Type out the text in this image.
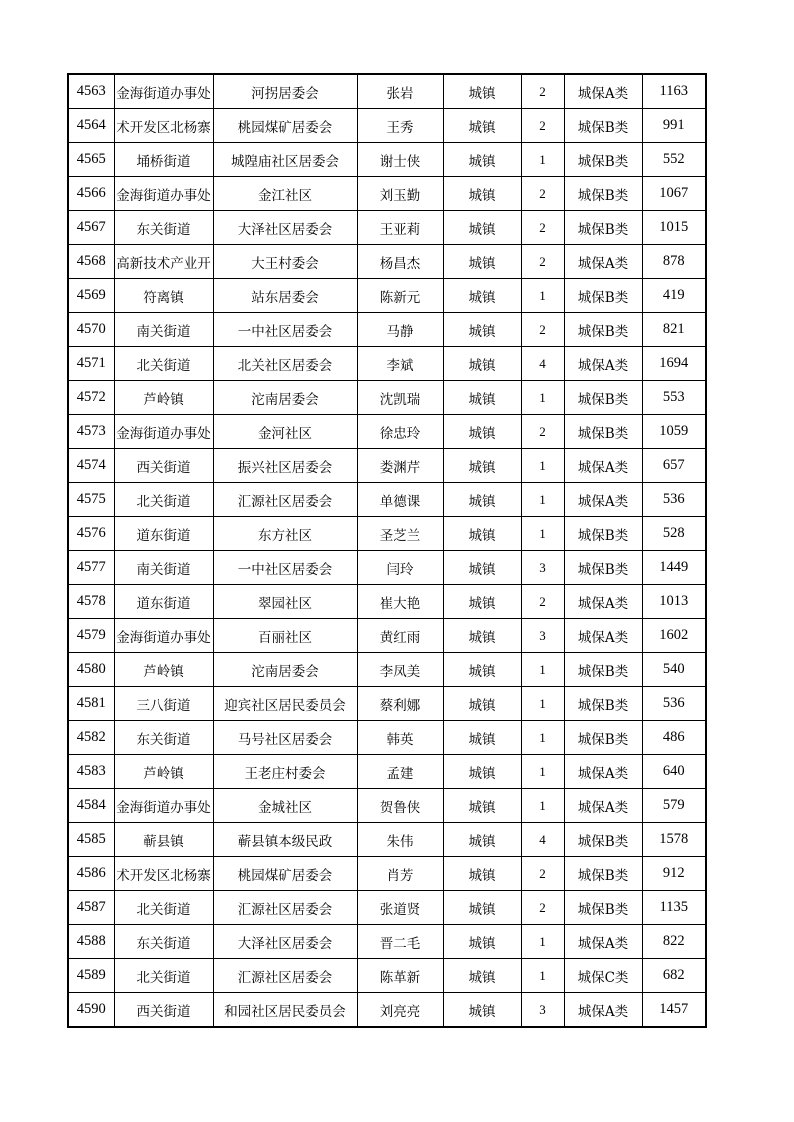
4563	金海街道办事处	河拐居委会	张岩	城镇	2	城保A类	1163
4564	术开发区北杨寨	桃园煤矿居委会	王秀	城镇	2	城保B类	991
4565	埇桥街道	城隍庙社区居委会	谢士侠	城镇	1	城保B类	552
4566	金海街道办事处	金江社区	刘玉勤	城镇	2	城保B类	1067
4567	东关街道	大泽社区居委会	王亚莉	城镇	2	城保B类	1015
4568	高新技术产业开	大王村委会	杨昌杰	城镇	2	城保A类	878
4569	符离镇	站东居委会	陈新元	城镇	1	城保B类	419
4570	南关街道	一中社区居委会	马静	城镇	2	城保B类	821
4571	北关街道	北关社区居委会	李斌	城镇	4	城保A类	1694
4572	芦岭镇	沱南居委会	沈凯瑞	城镇	1	城保B类	553
4573	金海街道办事处	金河社区	徐忠玲	城镇	2	城保B类	1059
4574	西关街道	振兴社区居委会	娄渊芹	城镇	1	城保A类	657
4575	北关街道	汇源社区居委会	单德课	城镇	1	城保A类	536
4576	道东街道	东方社区	圣芝兰	城镇	1	城保B类	528
4577	南关街道	一中社区居委会	闫玲	城镇	3	城保B类	1449
4578	道东街道	翠园社区	崔大艳	城镇	2	城保A类	1013
4579	金海街道办事处	百丽社区	黄红雨	城镇	3	城保A类	1602
4580	芦岭镇	沱南居委会	李凤美	城镇	1	城保B类	540
4581	三八街道	迎宾社区居民委员会	蔡利娜	城镇	1	城保B类	536
4582	东关街道	马号社区居委会	韩英	城镇	1	城保B类	486
4583	芦岭镇	王老庄村委会	孟建	城镇	1	城保A类	640
4584	金海街道办事处	金城社区	贺鲁侠	城镇	1	城保A类	579
4585	蕲县镇	蕲县镇本级民政	朱伟	城镇	4	城保B类	1578
4586	术开发区北杨寨	桃园煤矿居委会	肖芳	城镇	2	城保B类	912
4587	北关街道	汇源社区居委会	张道贤	城镇	2	城保B类	1135
4588	东关街道	大泽社区居委会	晋二毛	城镇	1	城保A类	822
4589	北关街道	汇源社区居委会	陈革新	城镇	1	城保C类	682
4590	西关街道	和园社区居民委员会	刘亮亮	城镇	3	城保A类	1457
